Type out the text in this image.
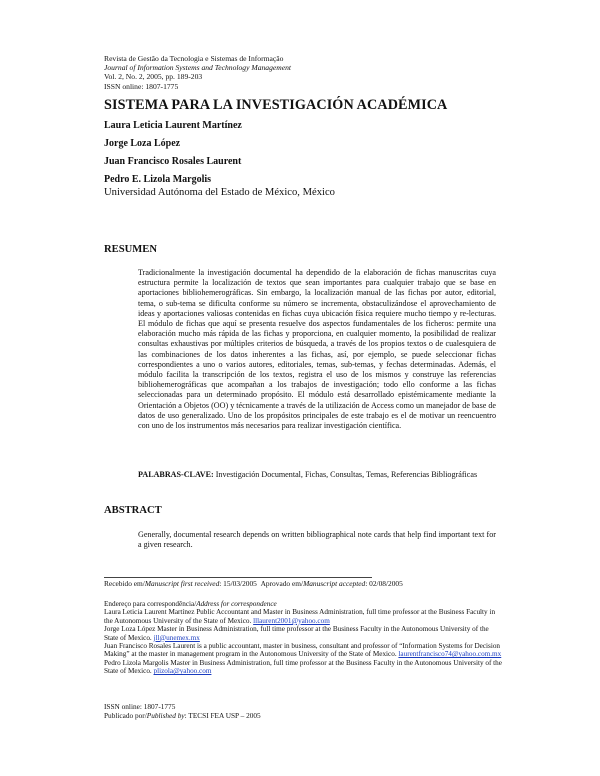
Revista de Gestão da Tecnologia e Sistemas de Informação
Journal of Information Systems and Technology Management
Vol. 2, No. 2, 2005, pp. 189-203
ISSN online: 1807-1775
SISTEMA PARA LA INVESTIGACIÓN ACADÉMICA
Laura Leticia Laurent Martínez
Jorge Loza López
Juan Francisco Rosales Laurent
Pedro E. Lizola Margolis
Universidad Autónoma del Estado de México, México
RESUMEN
Tradicionalmente la investigación documental ha dependido de la elaboración de fichas manuscritas cuya estructura permite la localización de textos que sean importantes para cualquier trabajo que se base en aportaciones bibliohemerográficas. Sin embargo, la localización manual de las fichas por autor, editorial, tema, o sub-tema se dificulta conforme su número se incrementa, obstaculizándose el aprovechamiento de ideas y aportaciones valiosas contenidas en fichas cuya ubicación física requiere mucho tiempo y re-lecturas. El módulo de fichas que aquí se presenta resuelve dos aspectos fundamentales de los ficheros: permite una elaboración mucho más rápida de las fichas y proporciona, en cualquier momento, la posibilidad de realizar consultas exhaustivas por múltiples criterios de búsqueda, a través de los propios textos o de cualesquiera de las combinaciones de los datos inherentes a las fichas, así, por ejemplo, se puede seleccionar fichas correspondientes a uno o varios autores, editoriales, temas, sub-temas, y fechas determinadas. Además, el módulo facilita la transcripción de los textos, registra el uso de los mismos y construye las referencias bibliohemerográficas que acompañan a los trabajos de investigación; todo ello conforme a las fichas seleccionadas para un determinado propósito. El módulo está desarrollado epistémicamente mediante la Orientación a Objetos (OO) y técnicamente a través de la utilización de Access como un manejador de base de datos de uso generalizado. Uno de los propósitos principales de este trabajo es el de motivar un reencuentro con uno de los instrumentos más necesarios para realizar investigación científica.
PALABRAS-CLAVE: Investigación Documental, Fichas, Consultas, Temas, Referencias Bibliográficas
ABSTRACT
Generally, documental research depends on written bibliographical note cards that help find important text for a given research.
Recebido em/Manuscript first received: 15/03/2005 Aprovado em/Manuscript accepted: 02/08/2005

Endereço para correspondência/Address for correspondence

Laura Leticia Laurent Martínez Public Accountant and Master in Business Administration, full time professor at the Business Faculty in the Autonomous University of the State of Mexico. lllaurent2001@yahoo.com

Jorge Loza López Master in Business Administration, full time professor at the Business Faculty in the Autonomous University of the State of Mexico. jll@unemex.mx

Juan Francisco Rosales Laurent is a public accountant, master in business, consultant and professor of “Information Systems for Decision Making” at the master in management program in the Autonomous University of the State of Mexico. laurentfrancisco74@yahoo.com.mx

Pedro Lizola Margolis Master in Business Administration, full time professor at the Business Faculty in the Autonomous University of the State of Mexico. plizola@yahoo.com

ISSN online: 1807-1775
Publicado por/Published by: TECSI FEA USP – 2005
